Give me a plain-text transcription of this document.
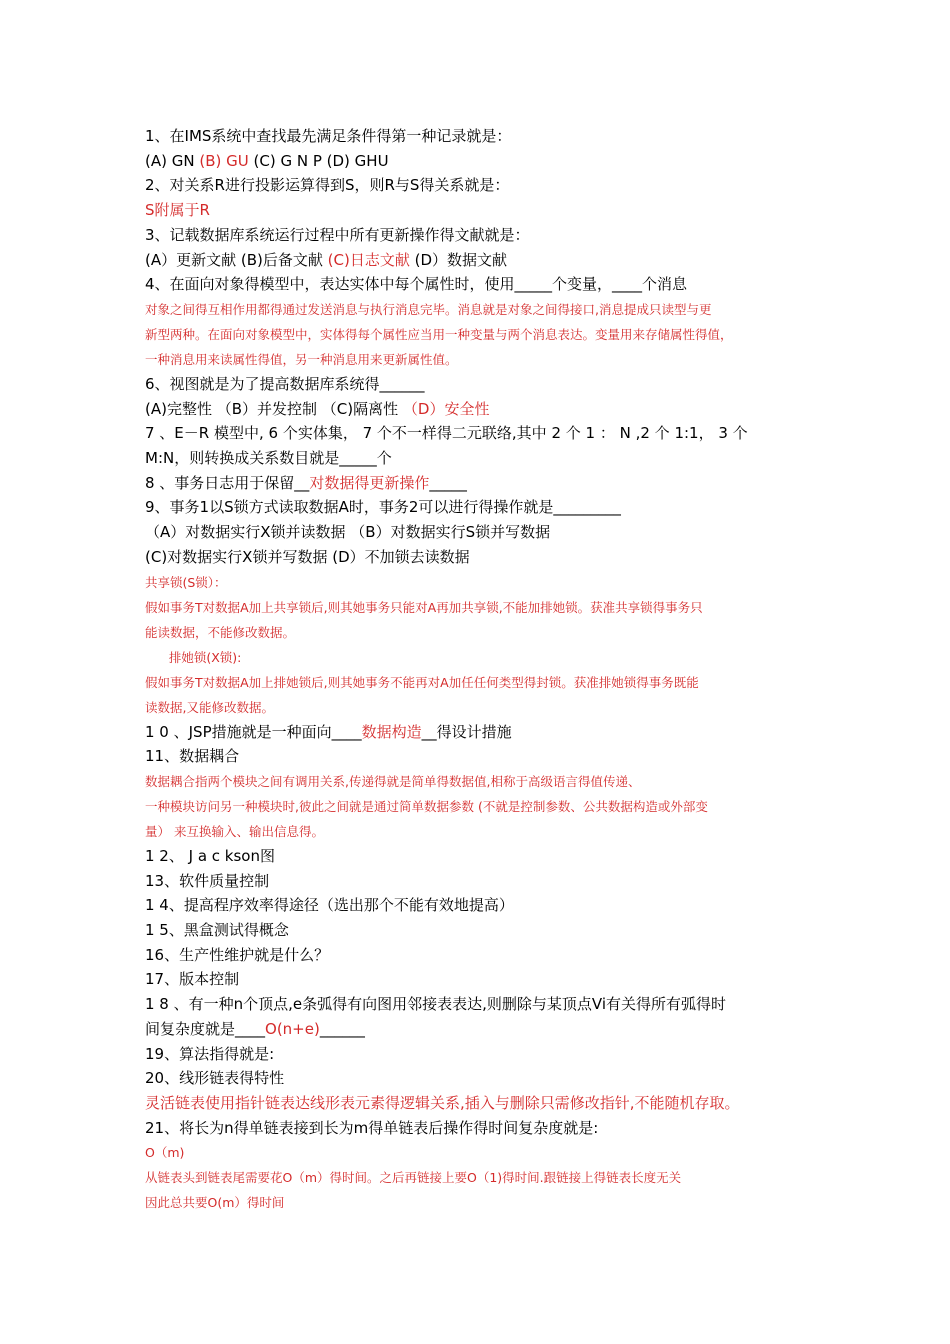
1、在IMS系统中查找最先满足条件得第一种记录就是：
(A) GN (B) GU (C) G N P (D) GHU
2、对关系R进行投影运算得到S，则R与S得关系就是：
S附属于R
3、记载数据库系统运行过程中所有更新操作得文献就是：
(A）更新文献 (B)后备文献 (C)日志文献 (D）数据文献
4、在面向对象得模型中，表达实体中每个属性时，使用_____个变量，____个消息
对象之间得互相作用都得通过发送消息与执行消息完毕。消息就是对象之间得接口,消息提成只读型与更
新型两种。在面向对象模型中，实体得每个属性应当用一种变量与两个消息表达。变量用来存储属性得值，
一种消息用来读属性得值，另一种消息用来更新属性值。
6、视图就是为了提高数据库系统得______
(A)完整性 （B）并发控制 （C)隔离性 （D）安全性
7 、E－R 模型中, 6 个实体集， 7 个不一样得二元联络,其中 2 个 1 ： N ,2 个 1:1， 3 个
M:N，则转换成关系数目就是_____个
8 、事务日志用于保留__对数据得更新操作_____
9、事务1以S锁方式读取数据A时，事务2可以进行得操作就是_________
（A）对数据实行X锁并读数据 （B）对数据实行S锁并写数据
(C)对数据实行X锁并写数据 (D）不加锁去读数据
共享锁(S锁）：
假如事务T对数据A加上共享锁后,则其她事务只能对A再加共享锁,不能加排她锁。获准共享锁得事务只
能读数据，不能修改数据。
排她锁(X锁):
假如事务T对数据A加上排她锁后,则其她事务不能再对A加任任何类型得封锁。获准排她锁得事务既能
读数据,又能修改数据。
1 0 、JSP措施就是一种面向____数据构造__得设计措施
11、数据耦合
数据耦合指两个模块之间有调用关系,传递得就是简单得数据值,相称于高级语言得值传递、
一种模块访问另一种模块时,彼此之间就是通过简单数据参数 (不就是控制参数、公共数据构造或外部变
量） 来互换输入、输出信息得。
1 2、 J a c kson图
13、软件质量控制
1 4、提高程序效率得途径（选出那个不能有效地提高）
1 5、黑盒测试得概念
16、生产性维护就是什么？
17、版本控制
1 8 、有一种n个顶点,e条弧得有向图用邻接表表达,则删除与某顶点Vi有关得所有弧得时
间复杂度就是____O(n+e)______
19、算法指得就是:
20、线形链表得特性
灵活链表使用指针链表达线形表元素得逻辑关系,插入与删除只需修改指针,不能随机存取。
21、将长为n得单链表接到长为m得单链表后操作得时间复杂度就是:
O（m)
从链表头到链表尾需要花O（m）得时间。之后再链接上要O（1)得时间.跟链接上得链表长度无关
因此总共要O(m）得时间
